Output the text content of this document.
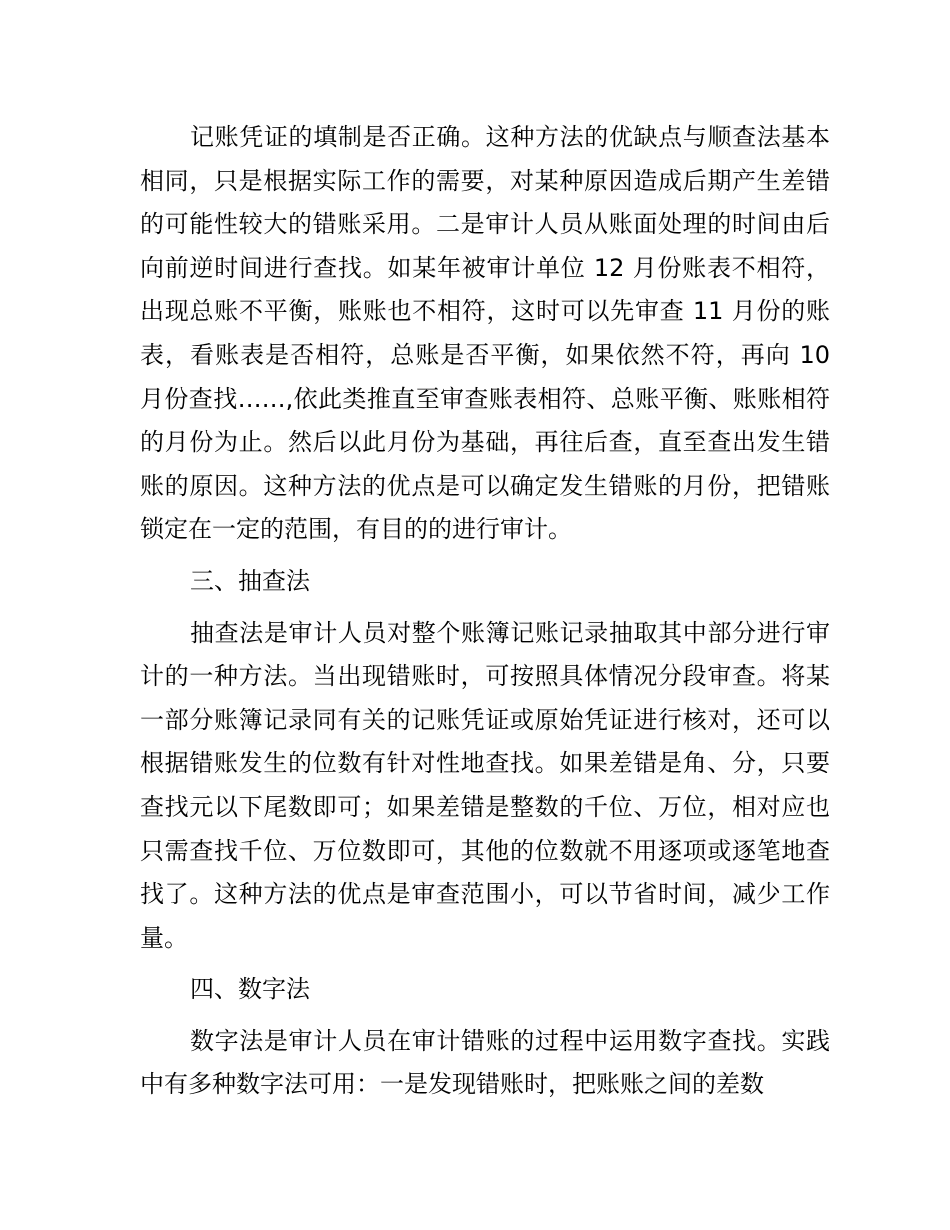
记账凭证的填制是否正确。这种方法的优缺点与顺查法基本相同，只是根据实际工作的需要，对某种原因造成后期产生差错的可能性较大的错账采用。二是审计人员从账面处理的时间由后向前逆时间进行查找。如某年被审计单位 12 月份账表不相符，出现总账不平衡，账账也不相符，这时可以先审查 11 月份的账表，看账表是否相符，总账是否平衡，如果依然不符，再向 10 月份查找……,依此类推直至审查账表相符、总账平衡、账账相符的月份为止。然后以此月份为基础，再往后查，直至查出发生错账的原因。这种方法的优点是可以确定发生错账的月份，把错账锁定在一定的范围，有目的的进行审计。

三、抽查法

抽查法是审计人员对整个账簿记账记录抽取其中部分进行审计的一种方法。当出现错账时，可按照具体情况分段审查。将某一部分账簿记录同有关的记账凭证或原始凭证进行核对，还可以根据错账发生的位数有针对性地查找。如果差错是角、分，只要查找元以下尾数即可；如果差错是整数的千位、万位，相对应也只需查找千位、万位数即可，其他的位数就不用逐项或逐笔地查找了。这种方法的优点是审查范围小，可以节省时间，减少工作量。

四、数字法

数字法是审计人员在审计错账的过程中运用数字查找。实践中有多种数字法可用：一是发现错账时，把账账之间的差数
